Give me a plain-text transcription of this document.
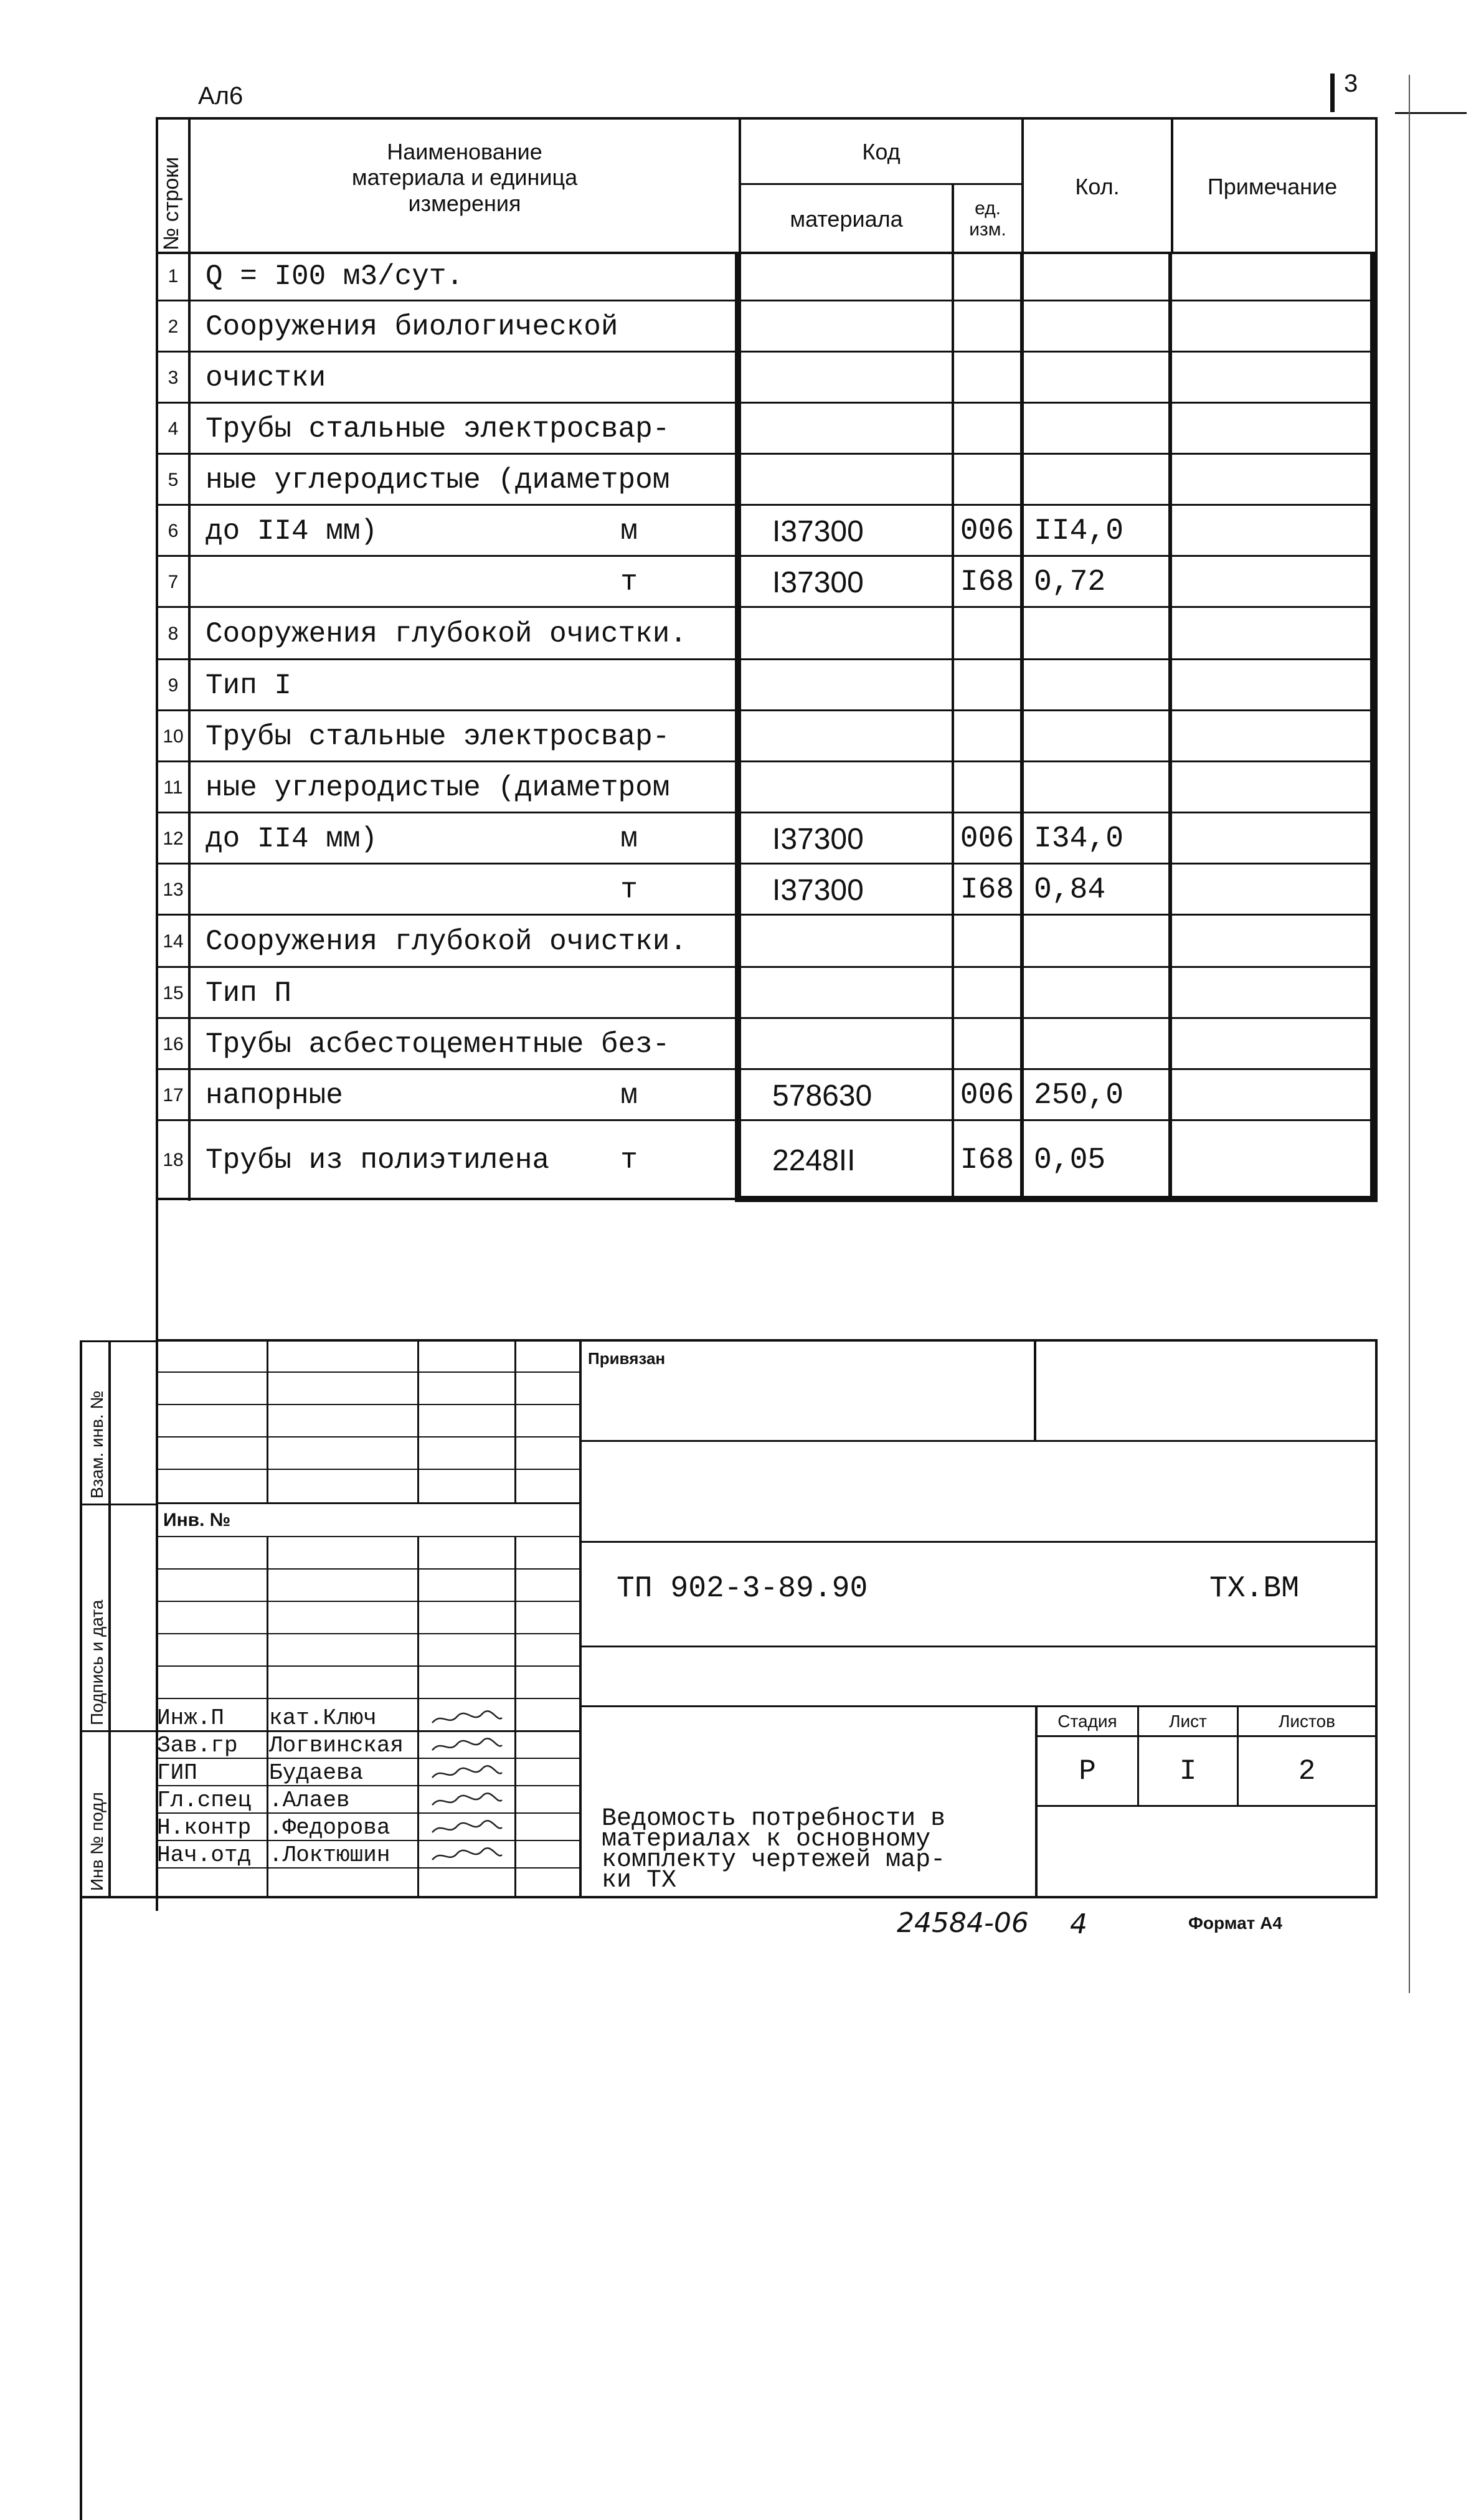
Ал6	3
№ строки
Наименование материала и единица измерения
Код
материала	ед. изм.
Кол.	Примечание
1 Q = I00 м3/сут.
2 Сооружения биологической
3 очистки
4 Трубы стальные электросвар-
5 ные углеродистые (диаметром
6 до II4 мм)	м	I37300	006 II4,0
7	т	I37300	I68 0,72
8 Сооружения глубокой очистки.
9 Тип I
10 Трубы стальные электросвар-
11 ные углеродистые (диаметром
12 до II4 мм)	м	I37300	006 I34,0
13	т	I37300	I68 0,84
14 Сооружения глубокой очистки.
15 Тип П
16 Трубы асбестоцементные без-
17 напорные	м	578630	006 250,0
18 Трубы из полиэтилена	т	2248II	I68 0,05
Взам. инв. №
Подпись и дата
Инв № подл
Инв. №
Привязан
ТП 902-3-89.90	ТХ.ВМ
Стадия	Лист	Листов
Р	I	2
Ведомость потребности в
материалах к основному
комплекту чертежей мар-
ки ТХ
Инж.П	кат.Ключ
Зав.гр	Логвинская
ГИП	Будаева
Гл.спец .Алаев
Н.контр .Федорова
Нач.отд .Локтюшин
24584-06 4	Формат А4
